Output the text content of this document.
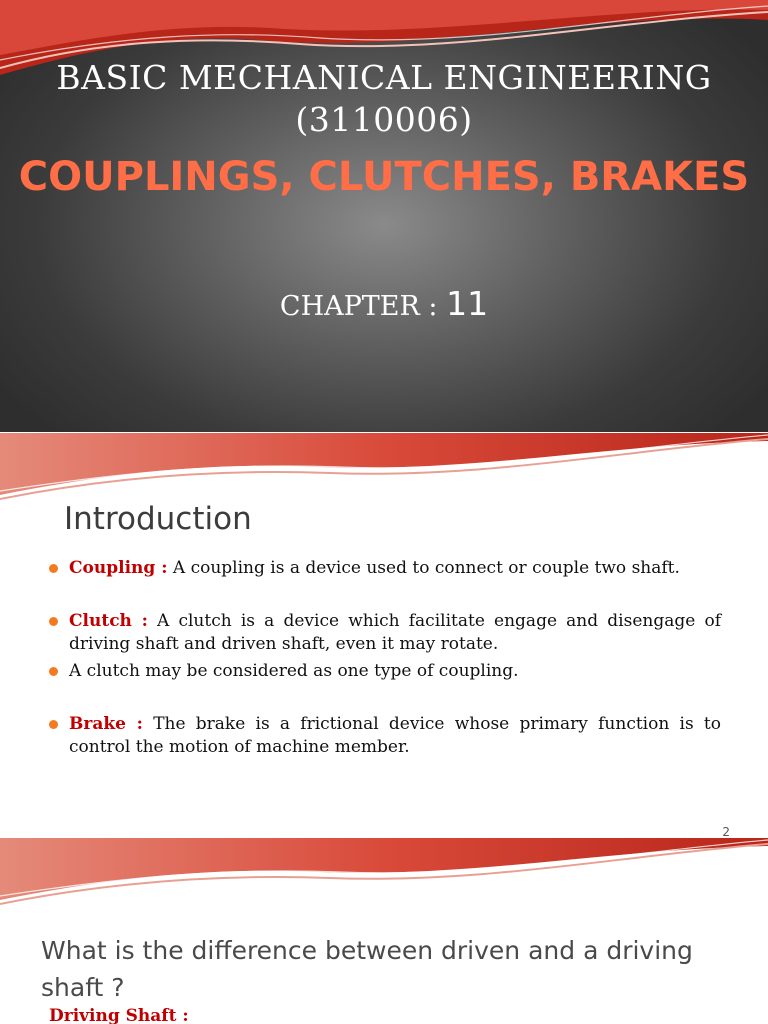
BASIC MECHANICAL ENGINEERING
(3110006)
COUPLINGS, CLUTCHES, BRAKES
CHAPTER : 11
Introduction
Coupling : A coupling is a device used to connect or couple two shaft.
Clutch : A clutch is a device which facilitate engage and disengage of driving shaft and driven shaft, even it may rotate.
A clutch may be considered as one type of coupling.
Brake : The brake is a frictional device whose primary function is to control the motion of machine member.
2
What is the difference between driven and a driving shaft ?
Driving Shaft :
